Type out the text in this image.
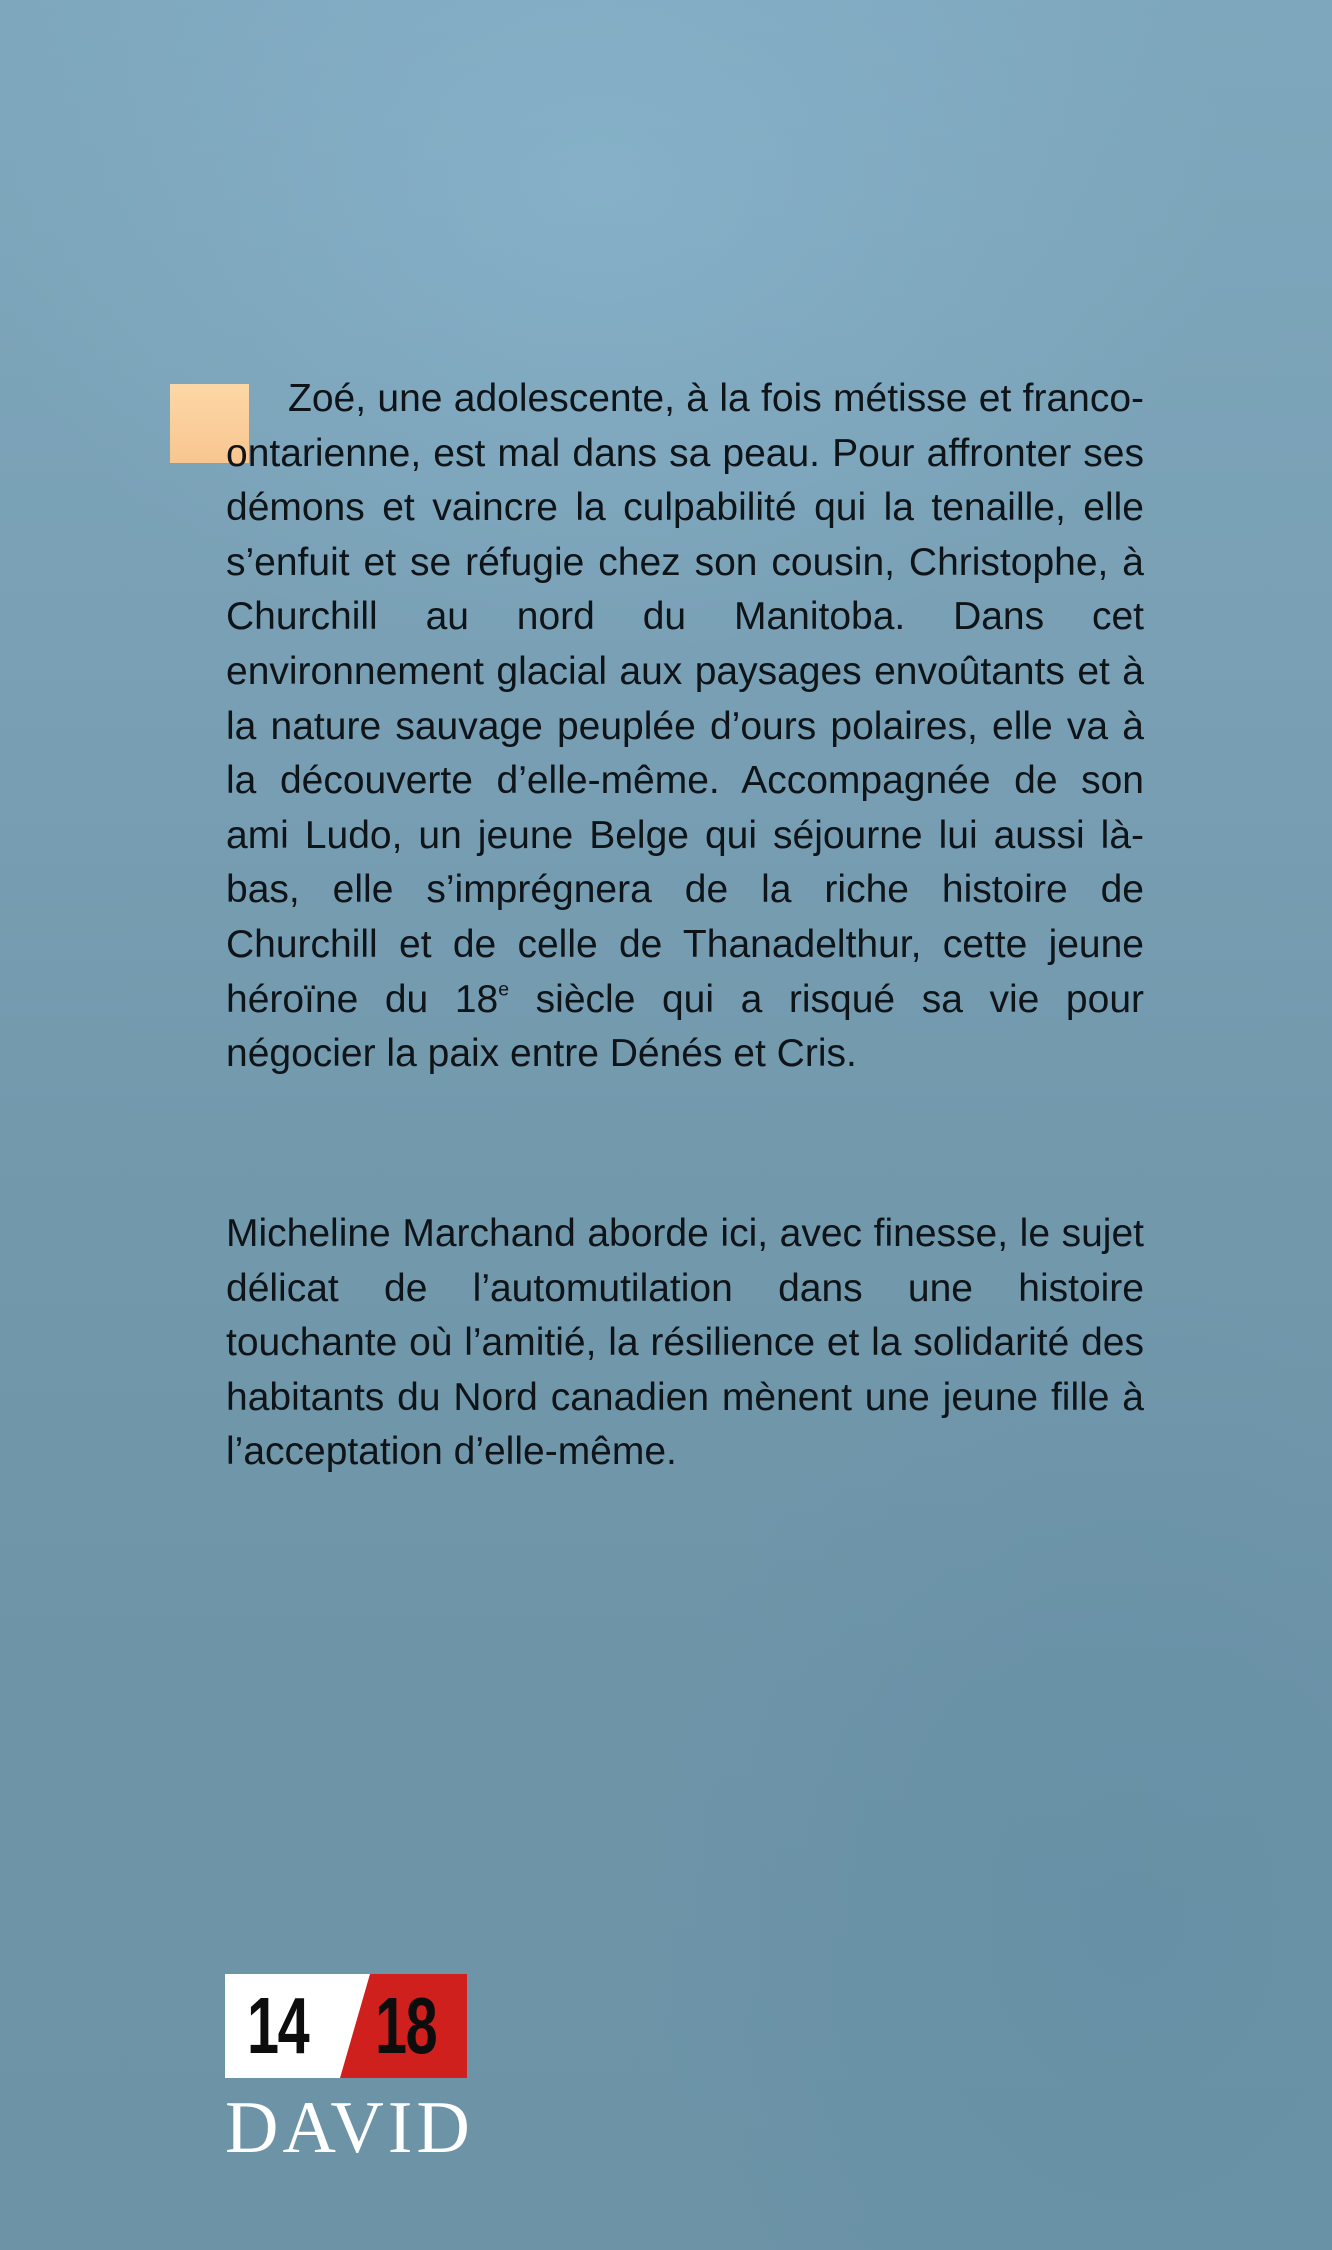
Zoé, une adolescente, à la fois métisse et franco-ontarienne, est mal dans sa peau. Pour affronter ses démons et vaincre la culpabilité qui la tenaille, elle s’enfuit et se réfugie chez son cousin, Christophe, à Churchill au nord du Manitoba. Dans cet environnement glacial aux paysages envoûtants et à la nature sauvage peuplée d’ours polaires, elle va à la découverte d’elle-même. Accompagnée de son ami Ludo, un jeune Belge qui séjourne lui aussi là-bas, elle s’imprégnera de la riche histoire de Churchill et de celle de Thanadelthur, cette jeune héroïne du 18e siècle qui a risqué sa vie pour négocier la paix entre Dénés et Cris.

Micheline Marchand aborde ici, avec finesse, le sujet délicat de l’automutilation dans une histoire touchante où l’amitié, la résilience et la solidarité des habitants du Nord canadien mènent une jeune fille à l’acceptation d’elle-même.

14 18
DAVID
